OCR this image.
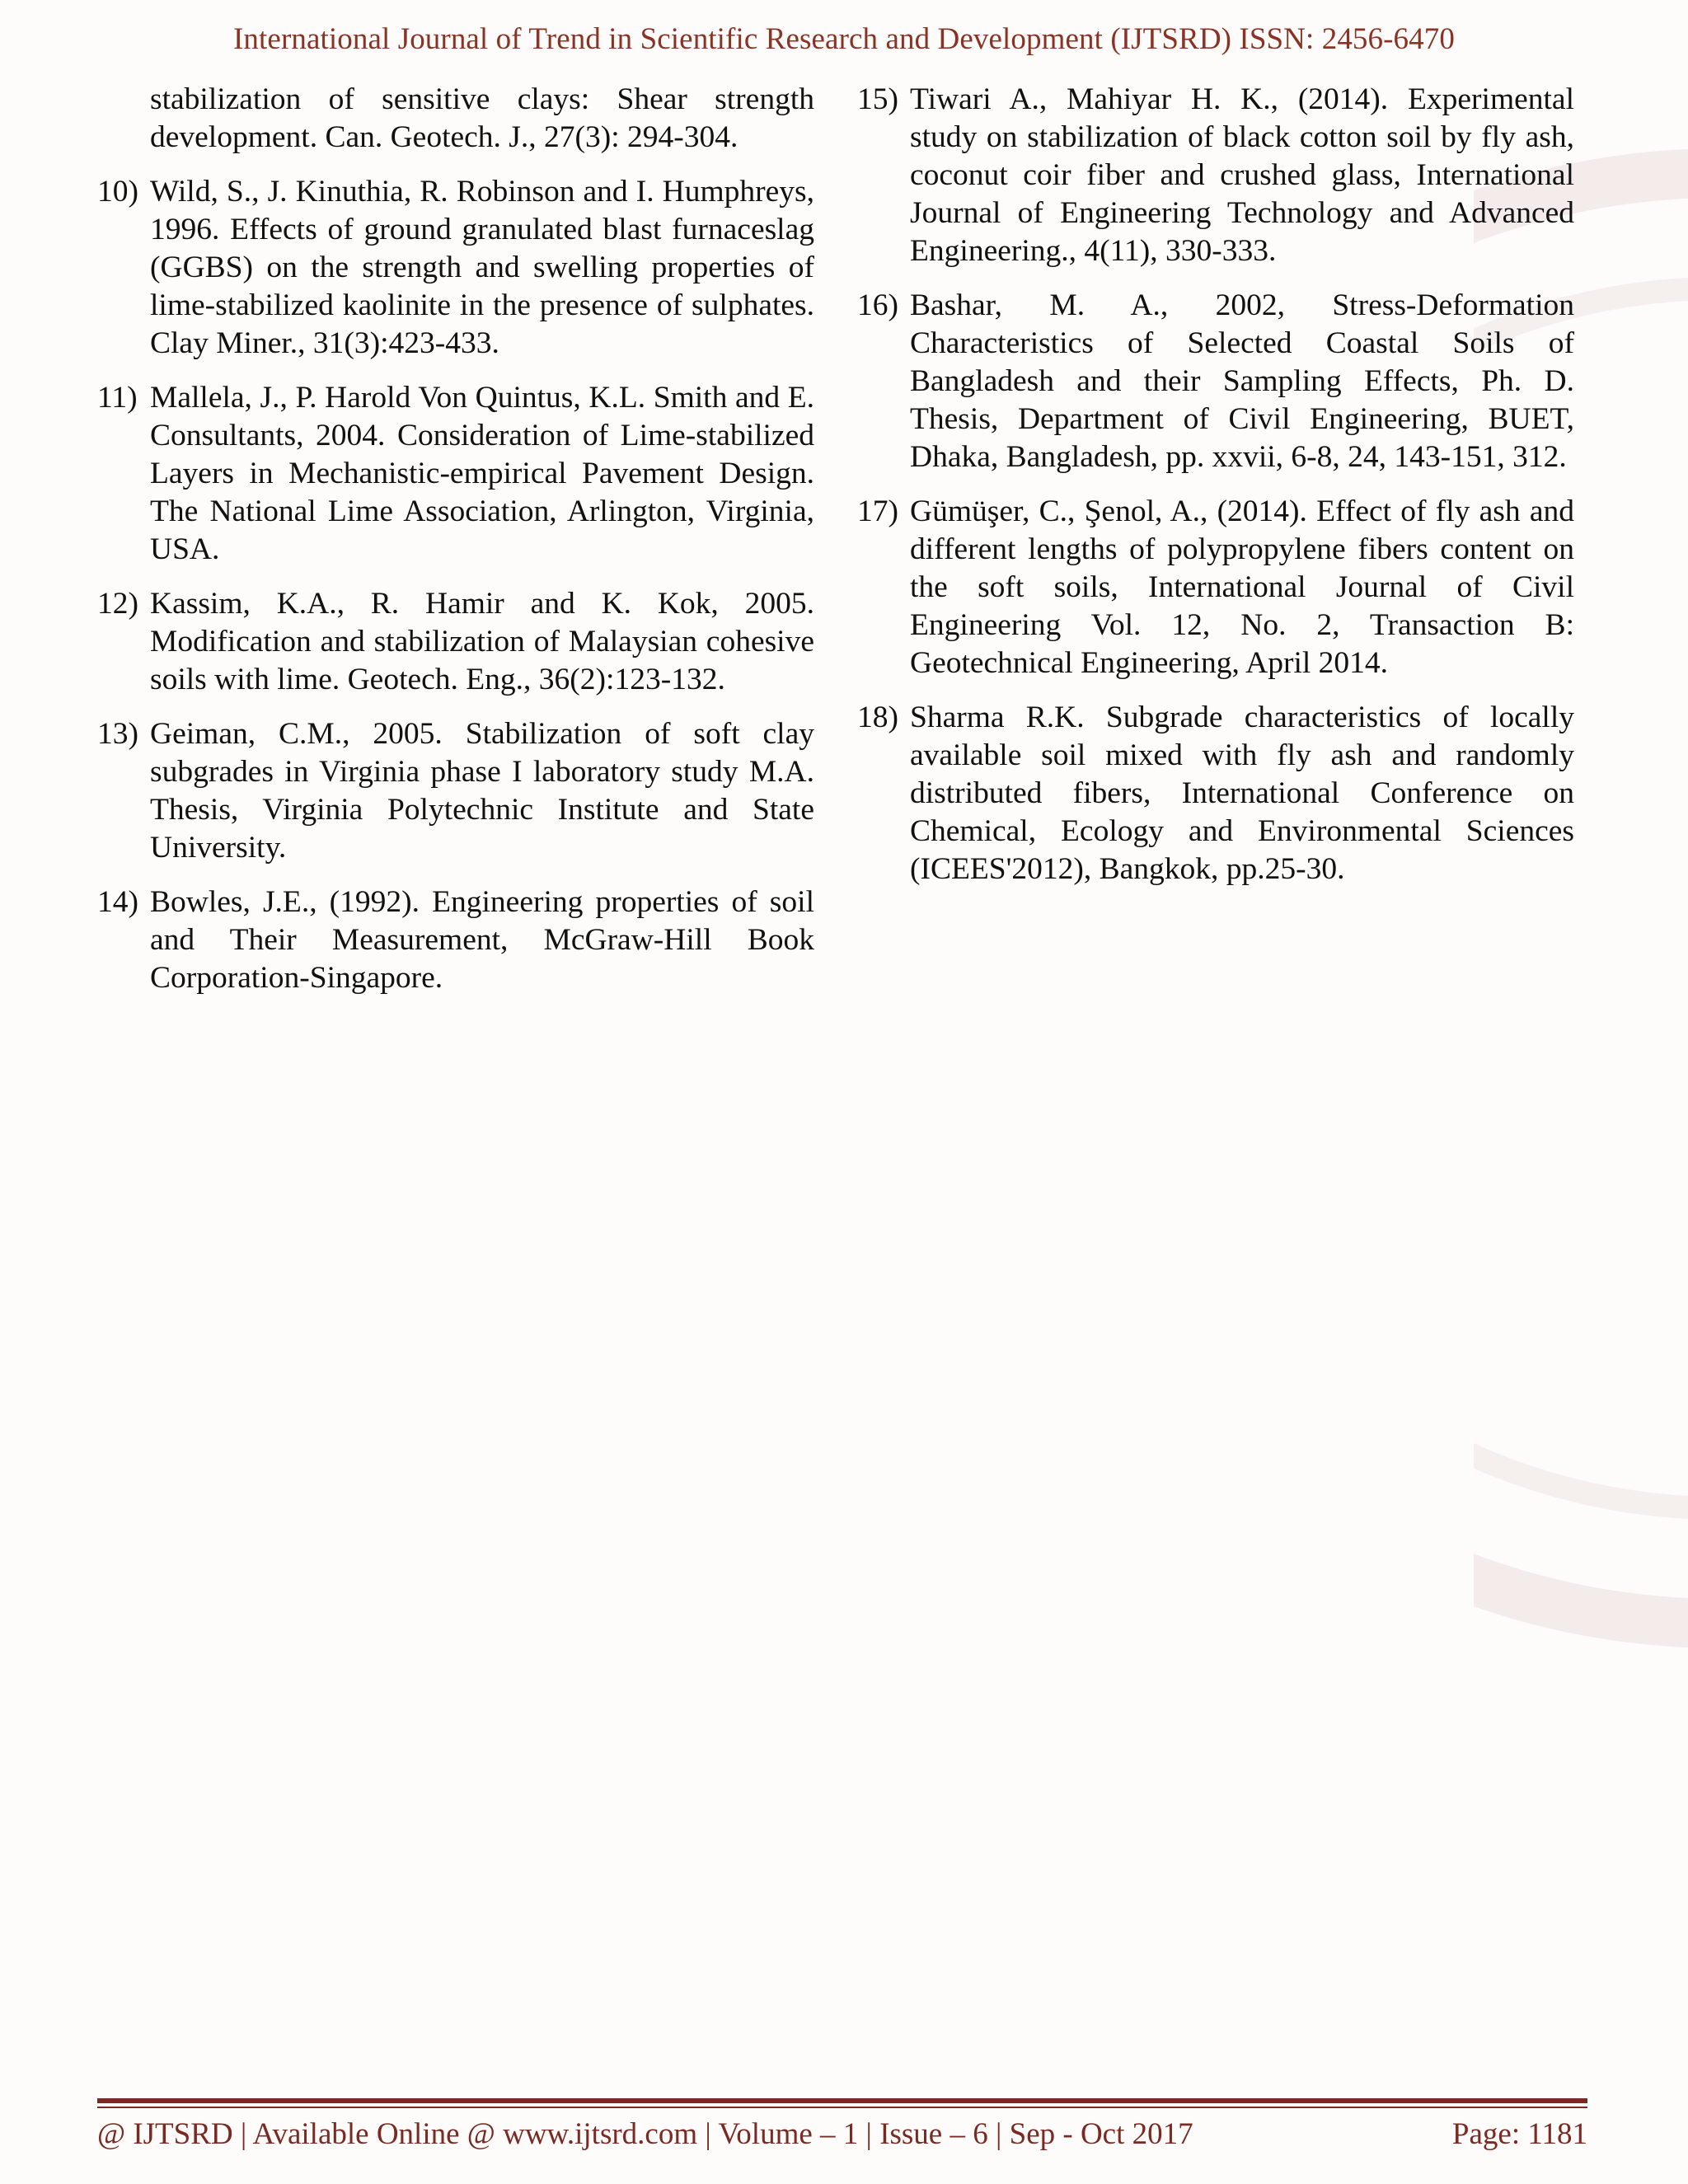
International Journal of Trend in Scientific Research and Development (IJTSRD) ISSN: 2456-6470
stabilization of sensitive clays: Shear strength development. Can. Geotech. J., 27(3): 294-304.
10) Wild, S., J. Kinuthia, R. Robinson and I. Humphreys, 1996. Effects of ground granulated blast furnaceslag (GGBS) on the strength and swelling properties of lime-stabilized kaolinite in the presence of sulphates. Clay Miner., 31(3):423-433.
11) Mallela, J., P. Harold Von Quintus, K.L. Smith and E. Consultants, 2004. Consideration of Lime-stabilized Layers in Mechanistic-empirical Pavement Design. The National Lime Association, Arlington, Virginia, USA.
12) Kassim, K.A., R. Hamir and K. Kok, 2005. Modification and stabilization of Malaysian cohesive soils with lime. Geotech. Eng., 36(2):123-132.
13) Geiman, C.M., 2005. Stabilization of soft clay subgrades in Virginia phase I laboratory study M.A. Thesis, Virginia Polytechnic Institute and State University.
14) Bowles, J.E., (1992). Engineering properties of soil and Their Measurement, McGraw-Hill Book Corporation-Singapore.
15) Tiwari A., Mahiyar H. K., (2014). Experimental study on stabilization of black cotton soil by fly ash, coconut coir fiber and crushed glass, International Journal of Engineering Technology and Advanced Engineering., 4(11), 330-333.
16) Bashar, M. A., 2002, Stress-Deformation Characteristics of Selected Coastal Soils of Bangladesh and their Sampling Effects, Ph. D. Thesis, Department of Civil Engineering, BUET, Dhaka, Bangladesh, pp. xxvii, 6-8, 24, 143-151, 312.
17) Gümüşer, C., Şenol, A., (2014). Effect of fly ash and different lengths of polypropylene fibers content on the soft soils, International Journal of Civil Engineering Vol. 12, No. 2, Transaction B: Geotechnical Engineering, April 2014.
18) Sharma R.K. Subgrade characteristics of locally available soil mixed with fly ash and randomly distributed fibers, International Conference on Chemical, Ecology and Environmental Sciences (ICEES'2012), Bangkok, pp.25-30.
@ IJTSRD | Available Online @ www.ijtsrd.com | Volume – 1 | Issue – 6 | Sep - Oct 2017	Page: 1181
